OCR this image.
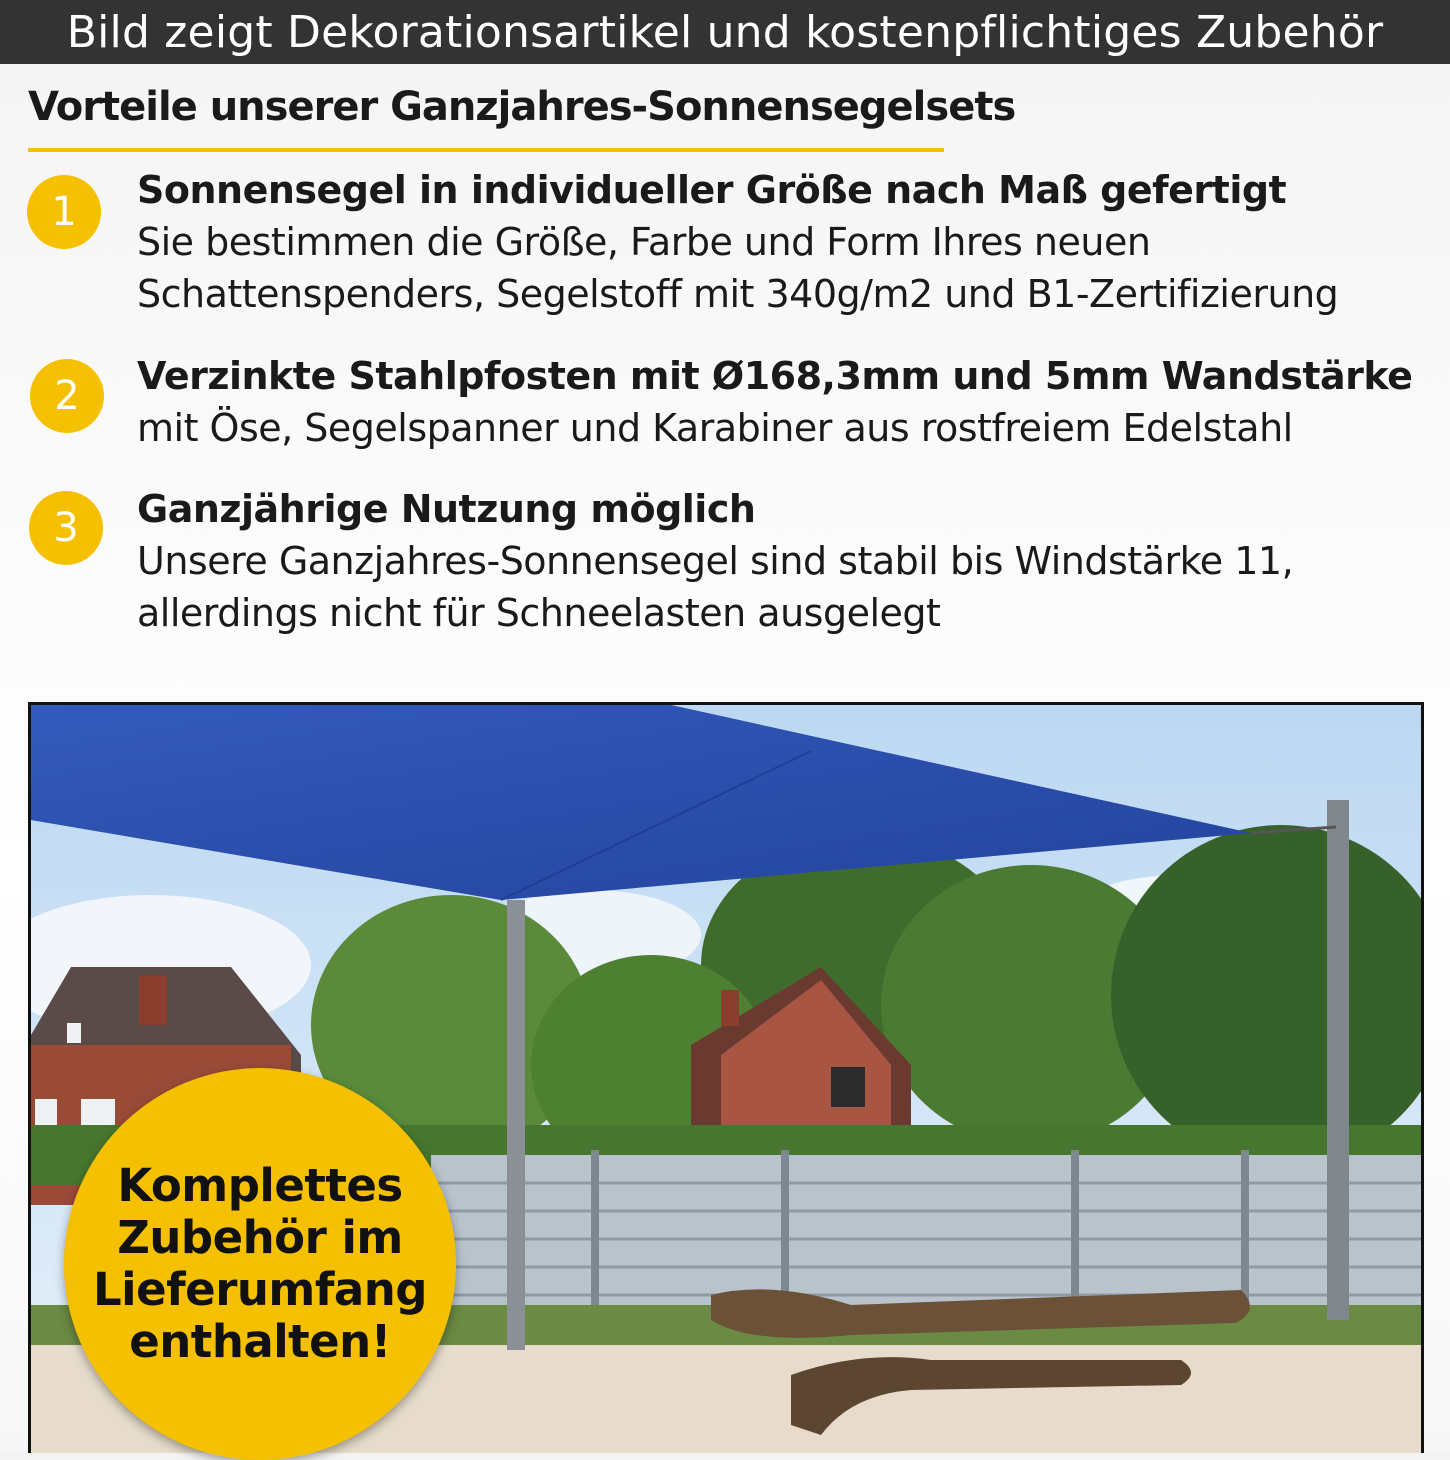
Bild zeigt Dekorationsartikel und kostenpflichtiges Zubehör
Vorteile unserer Ganzjahres-Sonnensegelsets
1	Sonnensegel in individueller Größe nach Maß gefertigt
Sie bestimmen die Größe, Farbe und Form Ihres neuen
Schattenspenders, Segelstoff mit 340g/m2 und B1-Zertifizierung
2	Verzinkte Stahlpfosten mit Ø168,3mm und 5mm Wandstärke
mit Öse, Segelspanner und Karabiner aus rostfreiem Edelstahl
3	Ganzjährige Nutzung möglich
Unsere Ganzjahres-Sonnensegel sind stabil bis Windstärke 11,
allerdings nicht für Schneelasten ausgelegt
Komplettes
Zubehör im
Lieferumfang
enthalten!
